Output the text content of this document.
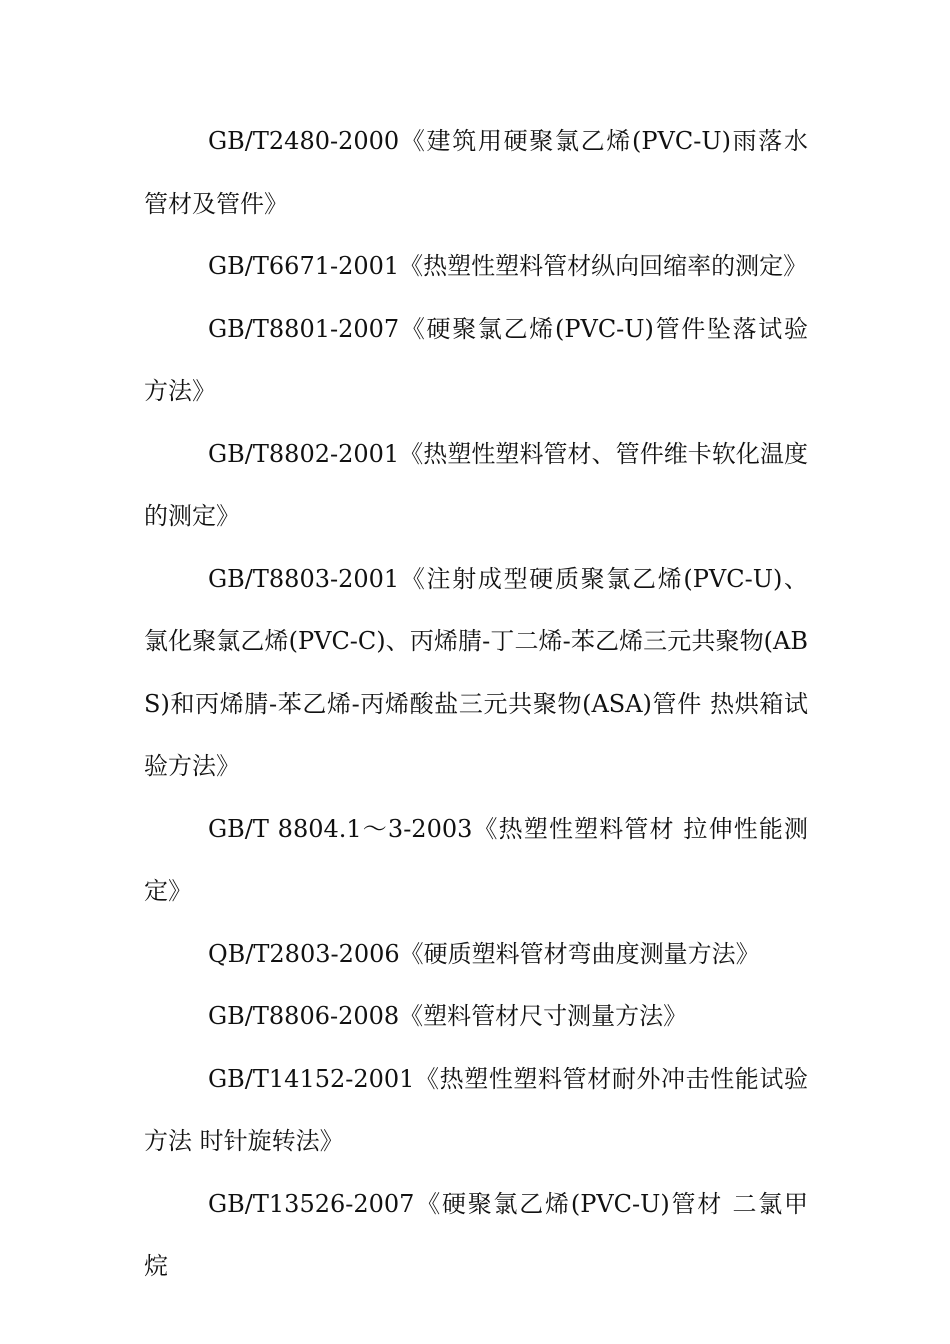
GB/T2480-2000《建筑用硬聚氯乙烯(PVC-U)雨落水管材及管件》

GB/T6671-2001《热塑性塑料管材纵向回缩率的测定》

GB/T8801-2007《硬聚氯乙烯(PVC-U)管件坠落试验方法》

GB/T8802-2001《热塑性塑料管材、管件维卡软化温度的测定》

GB/T8803-2001《注射成型硬质聚氯乙烯(PVC-U)、氯化聚氯乙烯(PVC-C)、丙烯腈-丁二烯-苯乙烯三元共聚物(ABS)和丙烯腈-苯乙烯-丙烯酸盐三元共聚物(ASA)管件 热烘箱试验方法》

GB/T 8804.1～3-2003《热塑性塑料管材 拉伸性能测定》

QB/T2803-2006《硬质塑料管材弯曲度测量方法》

GB/T8806-2008《塑料管材尺寸测量方法》

GB/T14152-2001《热塑性塑料管材耐外冲击性能试验方法 时针旋转法》

GB/T13526-2007《硬聚氯乙烯(PVC-U)管材 二氯甲烷
